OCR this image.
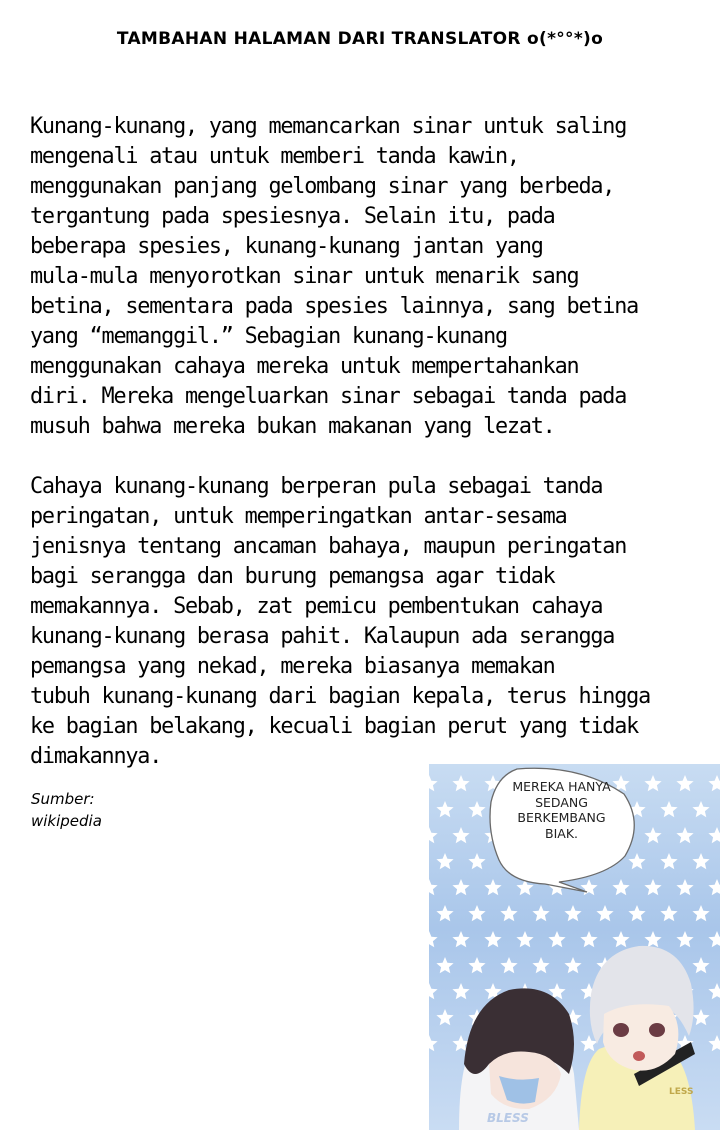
TAMBAHAN HALAMAN DARI TRANSLATOR o(*°°*)o

Kunang-kunang, yang memancarkan sinar untuk saling
mengenali atau untuk memberi tanda kawin,
menggunakan panjang gelombang sinar yang berbeda,
tergantung pada spesiesnya. Selain itu, pada
beberapa spesies, kunang-kunang jantan yang
mula-mula menyorotkan sinar untuk menarik sang
betina, sementara pada spesies lainnya, sang betina
yang “memanggil.” Sebagian kunang-kunang
menggunakan cahaya mereka untuk mempertahankan
diri. Mereka mengeluarkan sinar sebagai tanda pada
musuh bahwa mereka bukan makanan yang lezat.

Cahaya kunang-kunang berperan pula sebagai tanda
peringatan, untuk memperingatkan antar-sesama
jenisnya tentang ancaman bahaya, maupun peringatan
bagi serangga dan burung pemangsa agar tidak
memakannya. Sebab, zat pemicu pembentukan cahaya
kunang-kunang berasa pahit. Kalaupun ada serangga
pemangsa yang nekad, mereka biasanya memakan
tubuh kunang-kunang dari bagian kepala, terus hingga
ke bagian belakang, kecuali bagian perut yang tidak
dimakannya.

Sumber:
wikipedia
BLESS
LESS
MEREKA HANYA
SEDANG
BERKEMBANG
BIAK.
